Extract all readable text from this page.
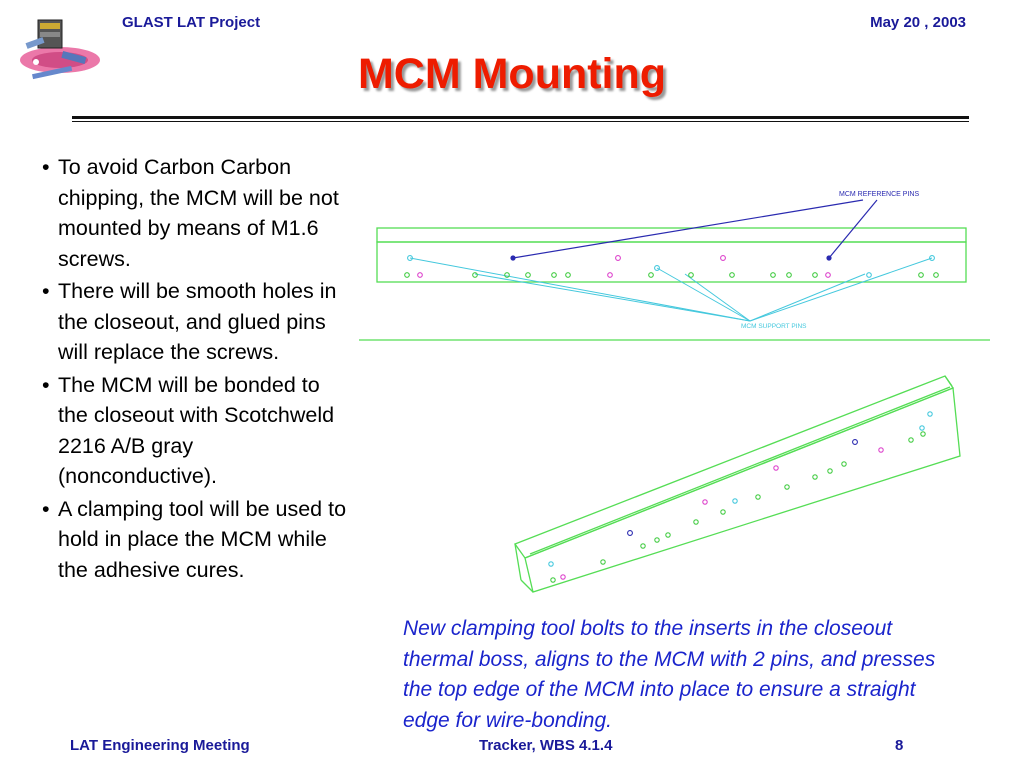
GLAST LAT Project	May 20 , 2003
MCM Mounting
• To avoid Carbon Carbon chipping, the MCM will be not mounted by means of M1.6 screws.
• There will be smooth holes in the closeout, and glued pins will replace the screws.
• The MCM will be bonded to the closeout with Scotchweld 2216 A/B gray (nonconductive).
• A clamping tool will be used to hold in place the MCM while the adhesive cures.
MCM REFERENCE PINS
MCM SUPPORT PINS
New clamping tool bolts to the inserts in the closeout thermal boss, aligns to the MCM with 2 pins, and presses the top edge of the MCM into place to ensure a straight edge for wire-bonding.
LAT Engineering Meeting	Tracker, WBS 4.1.4	8
